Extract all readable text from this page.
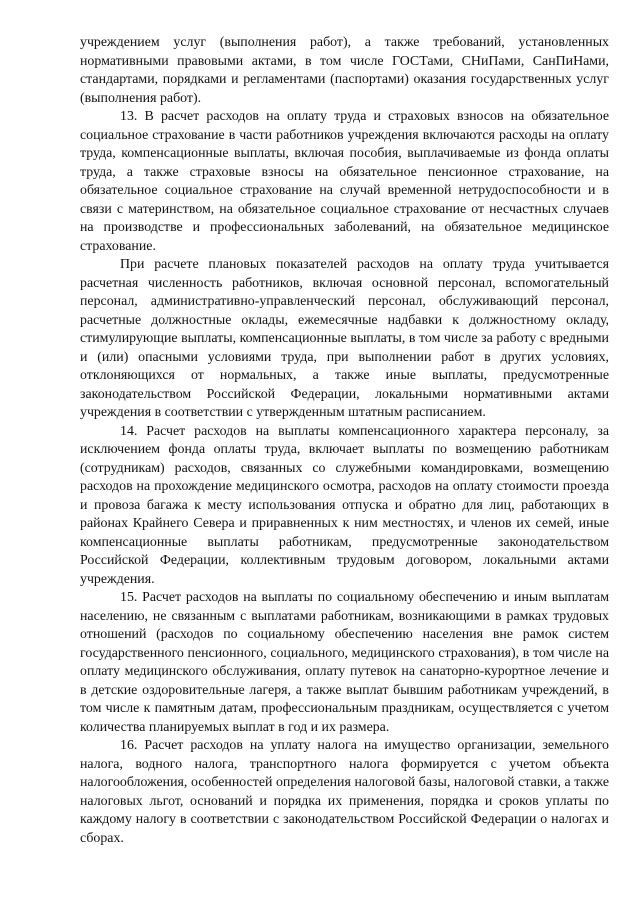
учреждением услуг (выполнения работ), а также требований, установленных нормативными правовыми актами, в том числе ГОСТами, СНиПами, СанПиНами, стандартами, порядками и регламентами (паспортами) оказания государственных услуг (выполнения работ).

13. В расчет расходов на оплату труда и страховых взносов на обязательное социальное страхование в части работников учреждения включаются расходы на оплату труда, компенсационные выплаты, включая пособия, выплачиваемые из фонда оплаты труда, а также страховые взносы на обязательное пенсионное страхование, на обязательное социальное страхование на случай временной нетрудоспособности и в связи с материнством, на обязательное социальное страхование от несчастных случаев на производстве и профессиональных заболеваний, на обязательное медицинское страхование.

При расчете плановых показателей расходов на оплату труда учитывается расчетная численность работников, включая основной персонал, вспомогательный персонал, административно-управленческий персонал, обслуживающий персонал, расчетные должностные оклады, ежемесячные надбавки к должностному окладу, стимулирующие выплаты, компенсационные выплаты, в том числе за работу с вредными и (или) опасными условиями труда, при выполнении работ в других условиях, отклоняющихся от нормальных, а также иные выплаты, предусмотренные законодательством Российской Федерации, локальными нормативными актами учреждения в соответствии с утвержденным штатным расписанием.

14. Расчет расходов на выплаты компенсационного характера персоналу, за исключением фонда оплаты труда, включает выплаты по возмещению работникам (сотрудникам) расходов, связанных со служебными командировками, возмещению расходов на прохождение медицинского осмотра, расходов на оплату стоимости проезда и провоза багажа к месту использования отпуска и обратно для лиц, работающих в районах Крайнего Севера и приравненных к ним местностях, и членов их семей, иные компенсационные выплаты работникам, предусмотренные законодательством Российской Федерации, коллективным трудовым договором, локальными актами учреждения.

15. Расчет расходов на выплаты по социальному обеспечению и иным выплатам населению, не связанным с выплатами работникам, возникающими в рамках трудовых отношений (расходов по социальному обеспечению населения вне рамок систем государственного пенсионного, социального, медицинского страхования), в том числе на оплату медицинского обслуживания, оплату путевок на санаторно-курортное лечение и в детские оздоровительные лагеря, а также выплат бывшим работникам учреждений, в том числе к памятным датам, профессиональным праздникам, осуществляется с учетом количества планируемых выплат в год и их размера.

16. Расчет расходов на уплату налога на имущество организации, земельного налога, водного налога, транспортного налога формируется с учетом объекта налогообложения, особенностей определения налоговой базы, налоговой ставки, а также налоговых льгот, оснований и порядка их применения, порядка и сроков уплаты по каждому налогу в соответствии с законодательством Российской Федерации о налогах и сборах.
